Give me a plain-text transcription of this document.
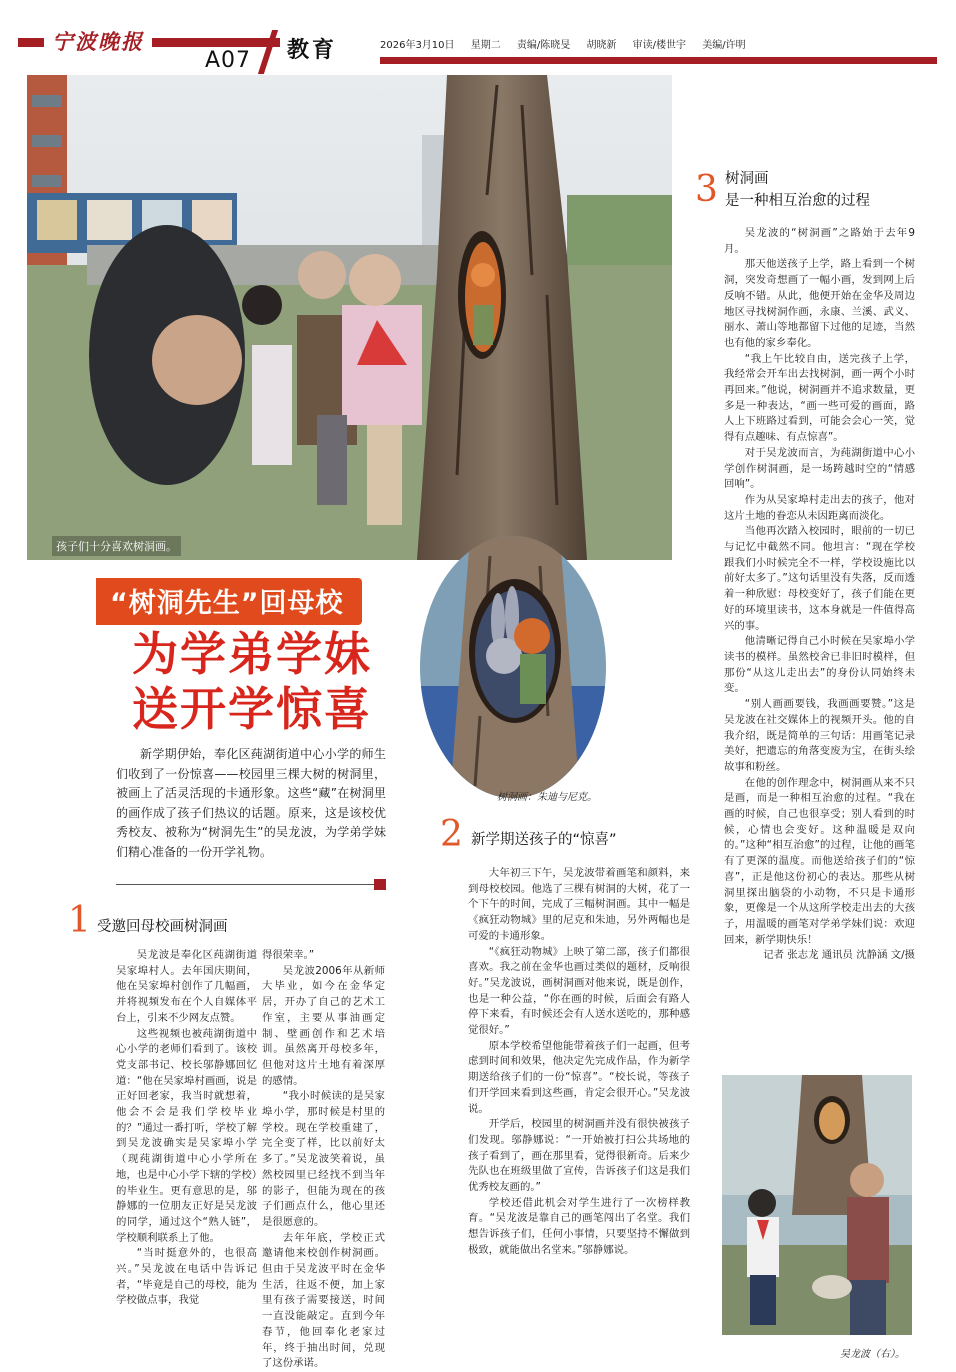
宁波晚报
A07 教育	2026年3月10日 星期二 责编/陈晓旻 胡晓新 审读/楼世宇 美编/许明
孩子们十分喜欢树洞画。
“树洞先生”回母校
为学弟学妹
送开学惊喜
树洞画：朱迪与尼克。

新学期伊始，奉化区莼湖街道中心小学的师生们收到了一份惊喜——校园里三棵大树的树洞里，被画上了活灵活现的卡通形象。这些“藏”在树洞里的画作成了孩子们热议的话题。原来，这是该校优秀校友、被称为“树洞先生”的吴龙波，为学弟学妹们精心准备的一份开学礼物。

1 受邀回母校画树洞画

吴龙波是奉化区莼湖街道吴家埠村人。去年国庆期间，他在吴家埠村创作了几幅画，并将视频发布在个人自媒体平台上，引来不少网友点赞。

这些视频也被莼湖街道中心小学的老师们看到了。该校党支部书记、校长邬静娜回忆道：“他在吴家埠村画画，说是正好回老家，我当时就想着，他会不会是我们学校毕业的？”通过一番打听，学校了解到吴龙波确实是吴家埠小学（现莼湖街道中心小学所在地，也是中心小学下辖的学校）的毕业生。更有意思的是，邬静娜的一位朋友正好是吴龙波的同学，通过这个“熟人链”，学校顺利联系上了他。

“当时挺意外的，也很高兴。”吴龙波在电话中告诉记者，“毕竟是自己的母校，能为学校做点事，我觉

得很荣幸。”

吴龙波2006年从新师大毕业，如今在金华定居，开办了自己的艺术工作室，主要从事油画定制、壁画创作和艺术培训。虽然离开母校多年，但他对这片土地有着深厚的感情。

“我小时候读的是吴家埠小学，那时候是村里的学校。现在学校重建了，完全变了样，比以前好太多了。”吴龙波笑着说，虽然校园里已经找不到当年的影子，但能为现在的孩子们画点什么，他心里还是很愿意的。

去年年底，学校正式邀请他来校创作树洞画。但由于吴龙波平时在金华生活，往返不便，加上家里有孩子需要接送，时间一直没能敲定。直到今年春节，他回奉化老家过年，终于抽出时间，兑现了这份承诺。

2 新学期送孩子的“惊喜”

大年初三下午，吴龙波带着画笔和颜料，来到母校校园。他选了三棵有树洞的大树，花了一个下午的时间，完成了三幅树洞画。其中一幅是《疯狂动物城》里的尼克和朱迪，另外两幅也是可爱的卡通形象。

“《疯狂动物城》上映了第二部，孩子们都很喜欢。我之前在金华也画过类似的题材，反响很好。”吴龙波说，画树洞画对他来说，既是创作，也是一种公益，“你在画的时候，后面会有路人停下来看，有时候还会有人送水送吃的，那种感觉很好。”

原本学校希望他能带着孩子们一起画，但考虑到时间和效果，他决定先完成作品，作为新学期送给孩子们的一份“惊喜”。“校长说，等孩子们开学回来看到这些画，肯定会很开心。”吴龙波说。

开学后，校园里的树洞画并没有很快被孩子们发现。邬静娜说：“一开始被打扫公共场地的孩子看到了，画在那里看，觉得很新奇。后来少先队也在班级里做了宣传，告诉孩子们这是我们优秀校友画的。”

学校还借此机会对学生进行了一次榜样教育。“吴龙波是靠自己的画笔闯出了名堂。我们想告诉孩子们，任何小事情，只要坚持不懈做到极致，就能做出名堂来。”邬静娜说。

3 树洞画
是一种相互治愈的过程

吴龙波的“树洞画”之路始于去年9月。

那天他送孩子上学，路上看到一个树洞，突发奇想画了一幅小画，发到网上后反响不错。从此，他便开始在金华及周边地区寻找树洞作画，永康、兰溪、武义、丽水、萧山等地都留下过他的足迹，当然也有他的家乡奉化。

“我上午比较自由，送完孩子上学，我经常会开车出去找树洞，画一两个小时再回来。”他说，树洞画并不追求数量，更多是一种表达，“画一些可爱的画面，路人上下班路过看到，可能会会心一笑，觉得有点趣味、有点惊喜”。

对于吴龙波而言，为莼湖街道中心小学创作树洞画，是一场跨越时空的“情感回响”。

作为从吴家埠村走出去的孩子，他对这片土地的眷恋从未因距离而淡化。

当他再次踏入校园时，眼前的一切已与记忆中截然不同。他坦言：“现在学校跟我们小时候完全不一样，学校设施比以前好太多了。”这句话里没有失落，反而透着一种欣慰：母校变好了，孩子们能在更好的环境里读书，这本身就是一件值得高兴的事。

他清晰记得自己小时候在吴家埠小学读书的模样。虽然校舍已非旧时模样，但那份“从这儿走出去”的身份认同始终未变。

“别人画画要钱，我画画要赞。”这是吴龙波在社交媒体上的视频开头。他的自我介绍，既是简单的三句话：用画笔记录美好，把遗忘的角落变废为宝，在街头绘故事和粉丝。

在他的创作理念中，树洞画从来不只是画，而是一种相互治愈的过程。“我在画的时候，自己也很享受；别人看到的时候，心情也会变好。这种温暖是双向的。”这种“相互治愈”的过程，让他的画笔有了更深的温度。而他送给孩子们的“惊喜”，正是他这份初心的表达。那些从树洞里探出脑袋的小动物，不只是卡通形象，更像是一个从这所学校走出去的大孩子，用温暖的画笔对学弟学妹们说：欢迎回来，新学期快乐！

记者 张志龙 通讯员 沈静涵 文/摄

吴龙波（右）。
